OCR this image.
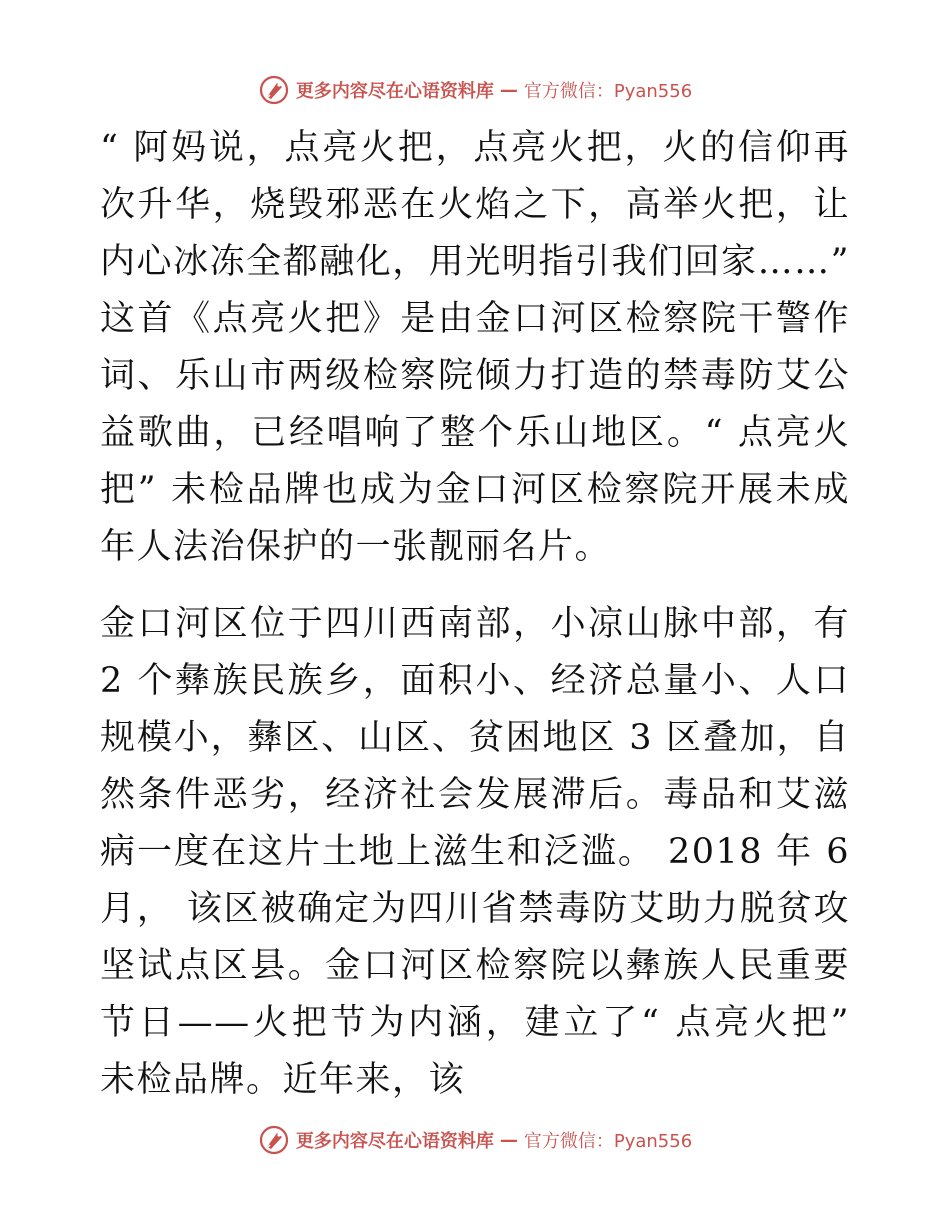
更多内容尽在心语资料库 — 官方微信：Pyan556

“ 阿妈说，点亮火把，点亮火把，火的信仰再次升华，烧毁邪恶在火焰之下，高举火把，让内心冰冻全都融化，用光明指引我们回家……” 这首《点亮火把》是由金口河区检察院干警作词、乐山市两级检察院倾力打造的禁毒防艾公益歌曲，已经唱响了整个乐山地区。“ 点亮火把” 未检品牌也成为金口河区检察院开展未成年人法治保护的一张靓丽名片。

金口河区位于四川西南部，小凉山脉中部，有 2 个彝族民族乡，面积小、经济总量小、人口规模小，彝区、山区、贫困地区 3 区叠加，自然条件恶劣，经济社会发展滞后。毒品和艾滋病一度在这片土地上滋生和泛滥。 2018 年 6 月， 该区被确定为四川省禁毒防艾助力脱贫攻坚试点区县。金口河区检察院以彝族人民重要节日——火把节为内涵，建立了“ 点亮火把” 未检品牌。近年来，该

更多内容尽在心语资料库 — 官方微信：Pyan556
